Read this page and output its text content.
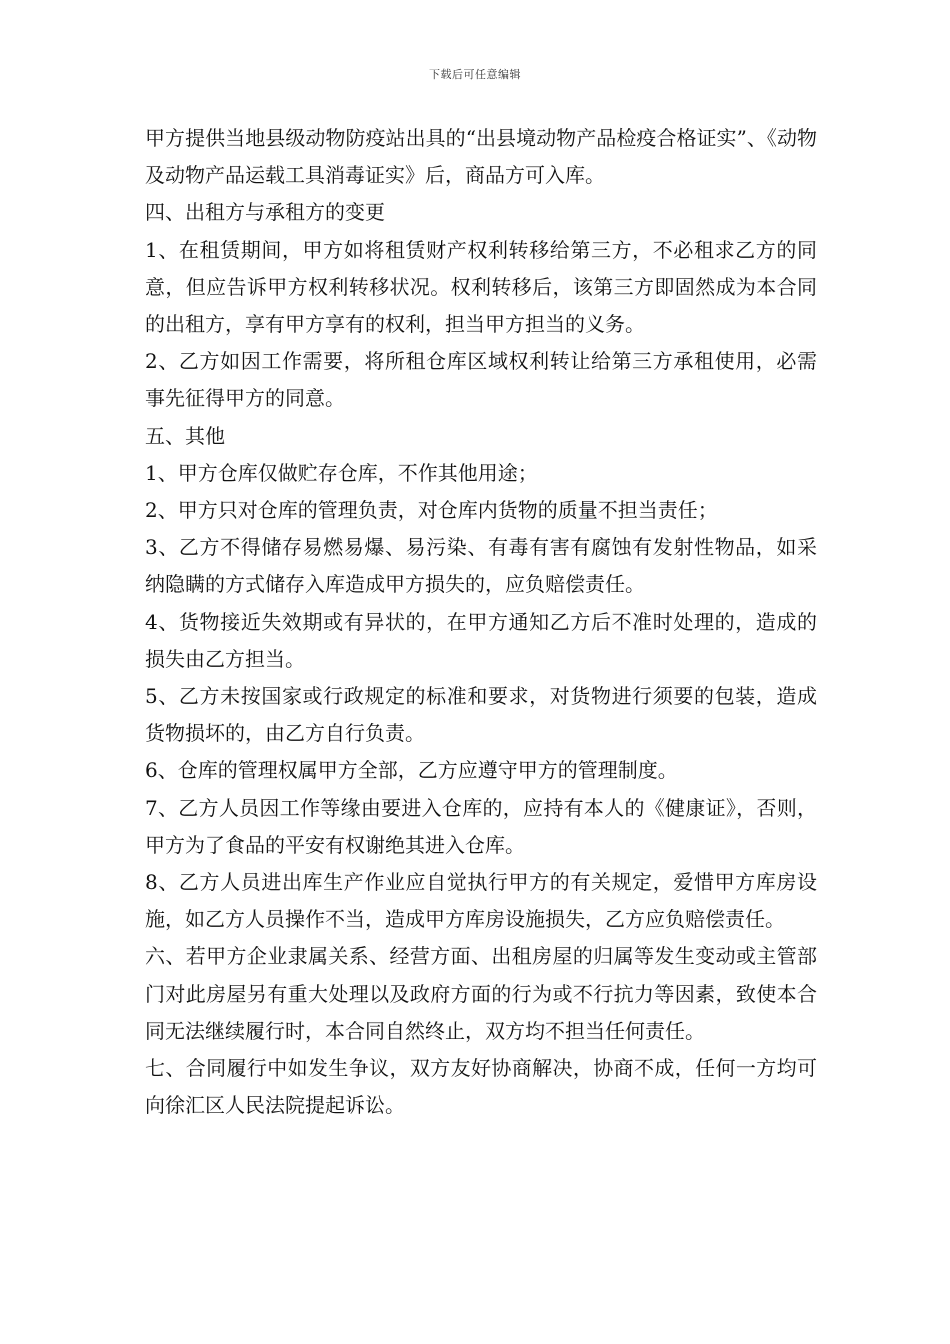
下载后可任意编辑

甲方提供当地县级动物防疫站出具的“出县境动物产品检疫合格证实”、《动物及动物产品运载工具消毒证实》后，商品方可入库。

四、出租方与承租方的变更

1、在租赁期间，甲方如将租赁财产权利转移给第三方，不必租求乙方的同意，但应告诉甲方权利转移状况。权利转移后，该第三方即固然成为本合同的出租方，享有甲方享有的权利，担当甲方担当的义务。

2、乙方如因工作需要，将所租仓库区域权利转让给第三方承租使用，必需事先征得甲方的同意。

五、其他

1、甲方仓库仅做贮存仓库，不作其他用途；

2、甲方只对仓库的管理负责，对仓库内货物的质量不担当责任；

3、乙方不得储存易燃易爆、易污染、有毒有害有腐蚀有发射性物品，如采纳隐瞒的方式储存入库造成甲方损失的，应负赔偿责任。

4、货物接近失效期或有异状的，在甲方通知乙方后不准时处理的，造成的损失由乙方担当。

5、乙方未按国家或行政规定的标准和要求，对货物进行须要的包装，造成货物损坏的，由乙方自行负责。

6、仓库的管理权属甲方全部，乙方应遵守甲方的管理制度。

7、乙方人员因工作等缘由要进入仓库的，应持有本人的《健康证》，否则，甲方为了食品的平安有权谢绝其进入仓库。

8、乙方人员进出库生产作业应自觉执行甲方的有关规定，爱惜甲方库房设施，如乙方人员操作不当，造成甲方库房设施损失，乙方应负赔偿责任。

六、若甲方企业隶属关系、经营方面、出租房屋的归属等发生变动或主管部门对此房屋另有重大处理以及政府方面的行为或不行抗力等因素，致使本合同无法继续履行时，本合同自然终止，双方均不担当任何责任。

七、合同履行中如发生争议，双方友好协商解决，协商不成，任何一方均可向徐汇区人民法院提起诉讼。
